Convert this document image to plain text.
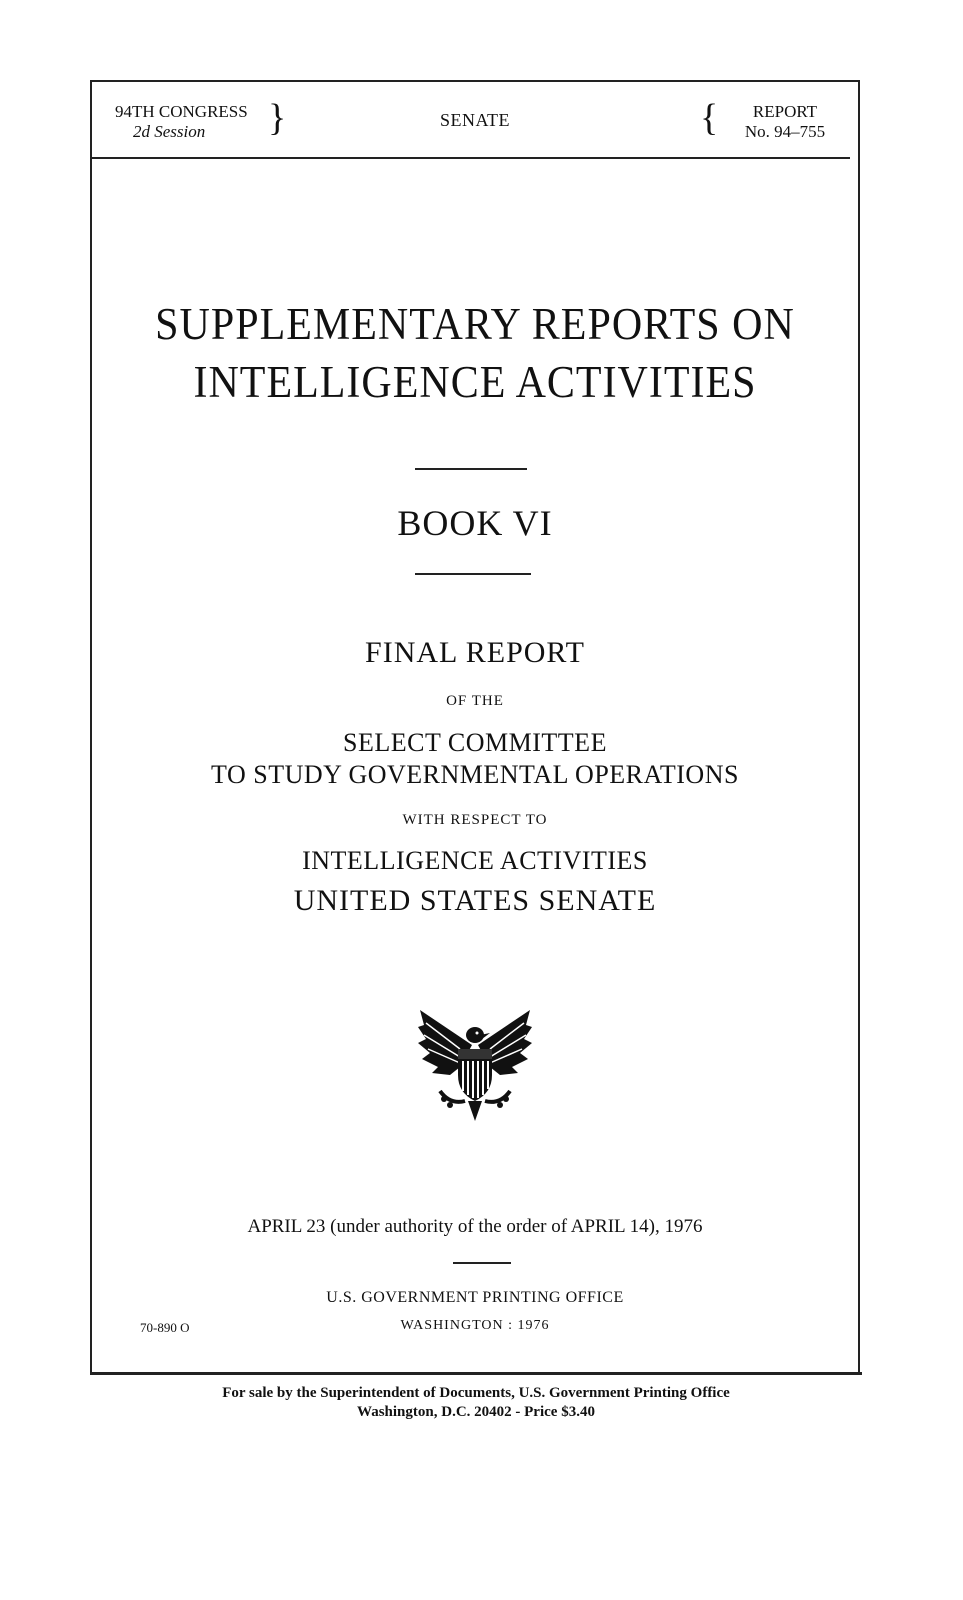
94TH CONGRESS
2d Session	}	SENATE	{	REPORT
No. 94–755
SUPPLEMENTARY REPORTS ON
INTELLIGENCE ACTIVITIES
BOOK VI
FINAL REPORT
OF THE
SELECT COMMITTEE
TO STUDY GOVERNMENTAL OPERATIONS
WITH RESPECT TO
INTELLIGENCE ACTIVITIES
UNITED STATES SENATE
APRIL 23 (under authority of the order of APRIL 14), 1976
U.S. GOVERNMENT PRINTING OFFICE
WASHINGTON : 1976
70-890 O
For sale by the Superintendent of Documents, U.S. Government Printing Office
Washington, D.C. 20402 - Price $3.40
